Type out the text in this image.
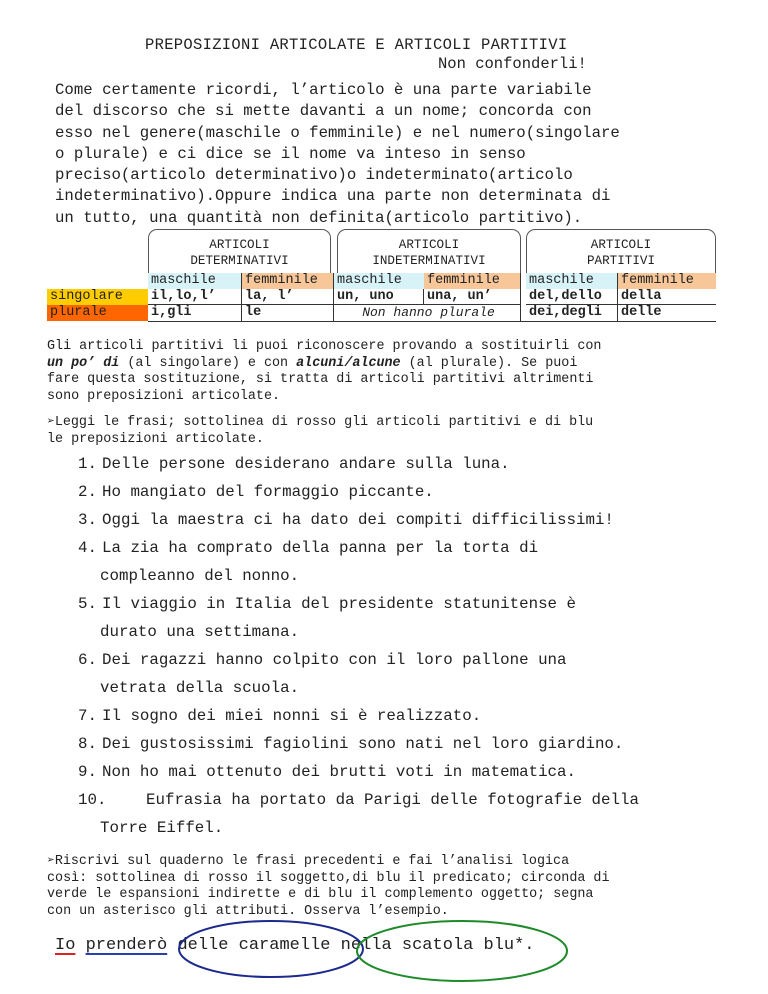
PREPOSIZIONI ARTICOLATE E ARTICOLI PARTITIVI
Non confonderli!
Come certamente ricordi, l’articolo è una parte variabile
del discorso che si mette davanti a un nome; concorda con
esso nel genere(maschile o femminile) e nel numero(singolare
o plurale) e ci dice se il nome va inteso in senso
preciso(articolo determinativo)o indeterminato(articolo
indeterminativo).Oppure indica una parte non determinata di
un tutto, una quantità non definita(articolo partitivo).
ARTICOLI
DETERMINATIVI
ARTICOLI
INDETERMINATIVI
ARTICOLI
PARTITIVI
maschile	femminile	maschile	femminile	maschile	femminile
singolare	il,lo,l’	la, l’	un, uno	una, un’	del,dello	della
plurale	i,gli	le	Non hanno plurale	dei,degli	delle
Gli articoli partitivi li puoi riconoscere provando a sostituirli con
un po’ di (al singolare) e con alcuni/alcune (al plurale). Se puoi
fare questa sostituzione, si tratta di articoli partitivi altrimenti
sono preposizioni articolate.
➢Leggi le frasi; sottolinea di rosso gli articoli partitivi e di blu
le preposizioni articolate.
1. Delle persone desiderano andare sulla luna.
2. Ho mangiato del formaggio piccante.
3. Oggi la maestra ci ha dato dei compiti difficilissimi!
4. La zia ha comprato della panna per la torta di
compleanno del nonno.
5. Il viaggio in Italia del presidente statunitense è
durato una settimana.
6. Dei ragazzi hanno colpito con il loro pallone una
vetrata della scuola.
7. Il sogno dei miei nonni si è realizzato.
8. Dei gustosissimi fagiolini sono nati nel loro giardino.
9. Non ho mai ottenuto dei brutti voti in matematica.
10.	Eufrasia ha portato da Parigi delle fotografie della
Torre Eiffel.
➢Riscrivi sul quaderno le frasi precedenti e fai l’analisi logica
così: sottolinea di rosso il soggetto,di blu il predicato; circonda di
verde le espansioni indirette e di blu il complemento oggetto; segna
con un asterisco gli attributi. Osserva l’esempio.
Io prenderò delle caramelle nella scatola blu*.
